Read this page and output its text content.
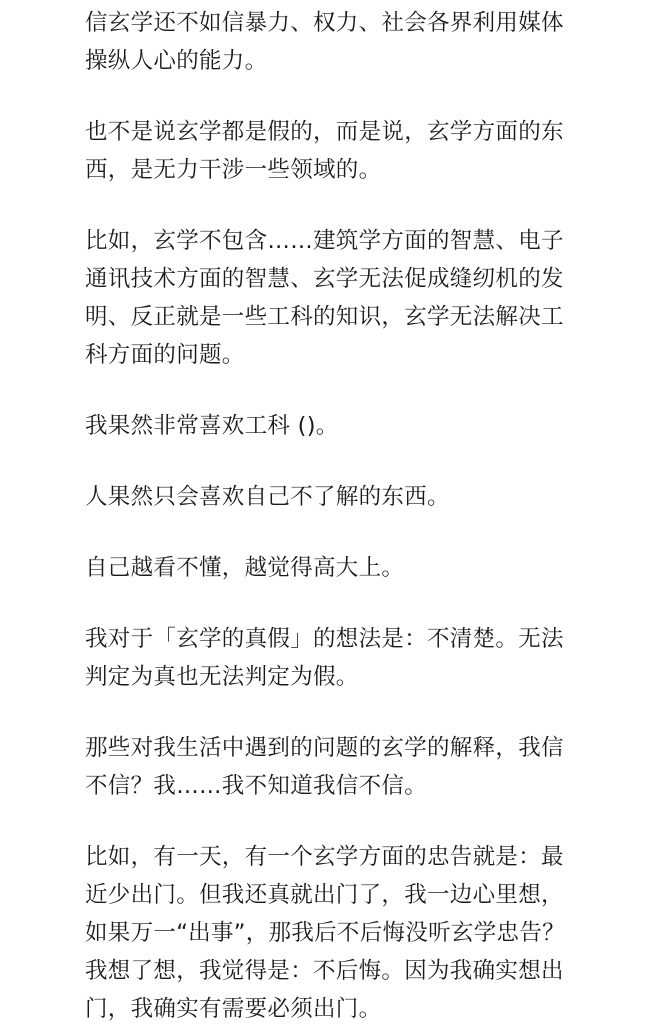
信玄学还不如信暴力、权力、社会各界利用媒体
操纵人心的能力。

也不是说玄学都是假的，而是说，玄学方面的东
西，是无力干涉一些领域的。

比如，玄学不包含……建筑学方面的智慧、电子
通讯技术方面的智慧、玄学无法促成缝纫机的发
明、反正就是一些工科的知识，玄学无法解决工
科方面的问题。

我果然非常喜欢工科 ()。

人果然只会喜欢自己不了解的东西。

自己越看不懂，越觉得高大上。

我对于「玄学的真假」的想法是：不清楚。无法
判定为真也无法判定为假。

那些对我生活中遇到的问题的玄学的解释，我信
不信？我……我不知道我信不信。

比如，有一天，有一个玄学方面的忠告就是：最
近少出门。但我还真就出门了，我一边心里想，
如果万一“出事”，那我后不后悔没听玄学忠告？
我想了想，我觉得是：不后悔。因为我确实想出
门，我确实有需要必须出门。
